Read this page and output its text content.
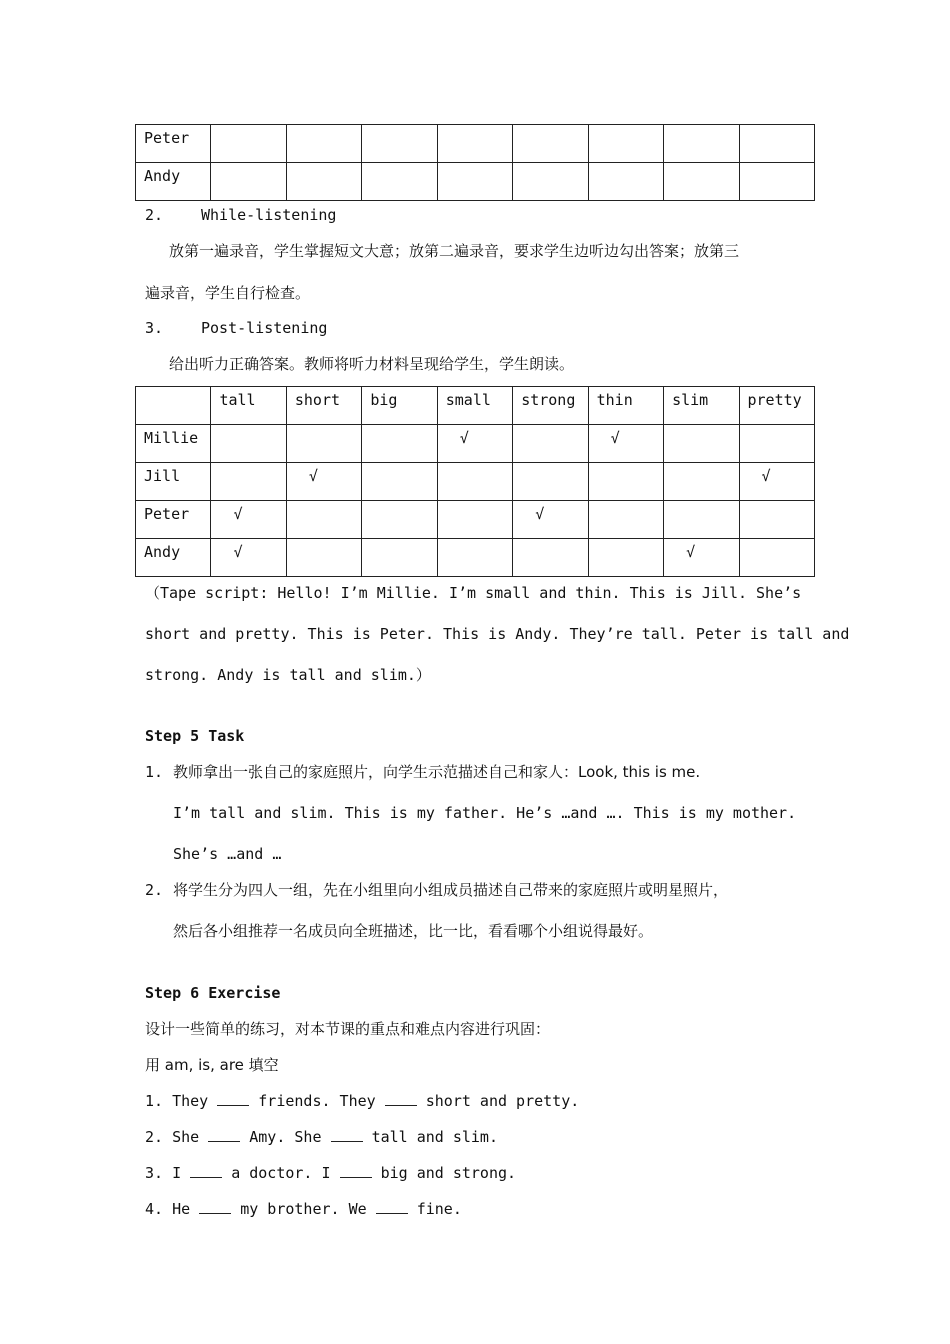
Peter								
Andy								
2.	While-listening
放第一遍录音，学生掌握短文大意；放第二遍录音，要求学生边听边勾出答案；放第三
遍录音，学生自行检查。
3.	Post-listening
给出听力正确答案。教师将听力材料呈现给学生，学生朗读。
	tall	short	big	small	strong	thin	slim	pretty
Millie				√		√		
Jill		√						√
Peter	√				√			
Andy	√						√	
（Tape script: Hello! I’m Millie. I’m small and thin. This is Jill. She’s
short and pretty. This is Peter. This is Andy. They’re tall. Peter is tall and
strong. Andy is tall and slim.）
Step 5 Task
1. 教师拿出一张自己的家庭照片，向学生示范描述自己和家人：Look, this is me.
I’m tall and slim. This is my father. He’s …and …. This is my mother.
She’s …and …
2. 将学生分为四人一组，先在小组里向小组成员描述自己带来的家庭照片或明星照片，
然后各小组推荐一名成员向全班描述，比一比，看看哪个小组说得最好。
Step 6 Exercise
设计一些简单的练习，对本节课的重点和难点内容进行巩固：
用 am, is, are 填空
1. They	friends. They	short and pretty.
2. She	Amy. She	tall and slim.
3. I	a doctor. I	big and strong.
4. He	my brother. We	fine.
